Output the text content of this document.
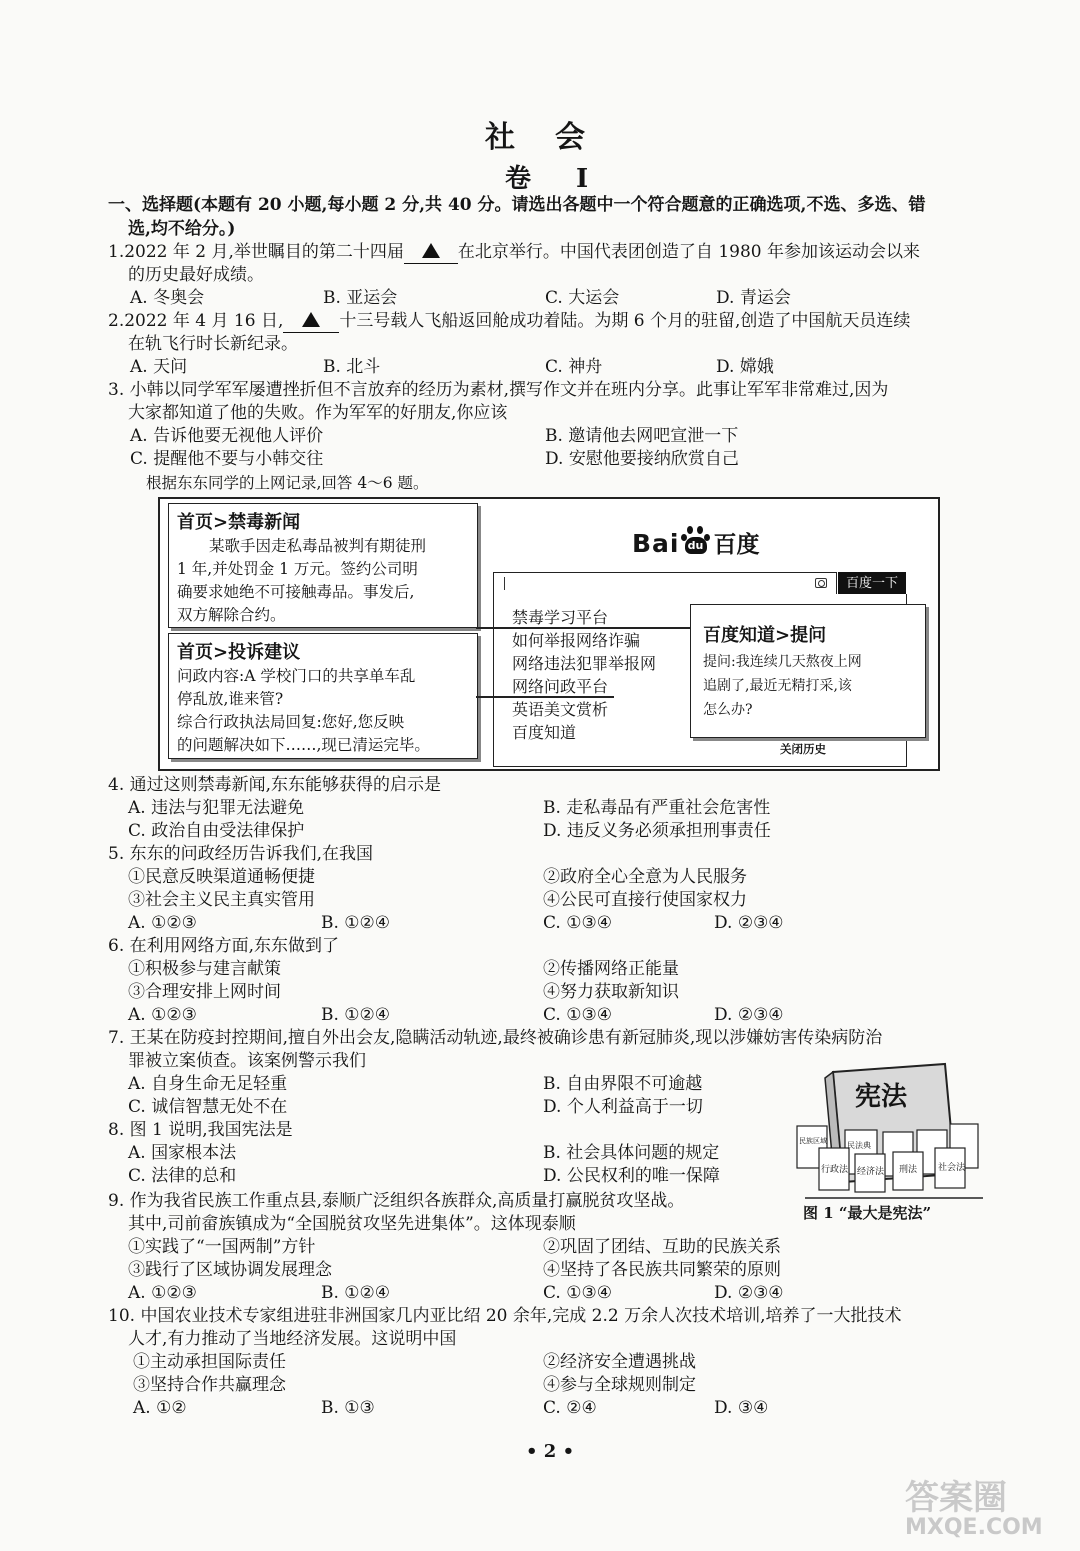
社会
卷 Ⅰ
一、选择题(本题有 20 小题,每小题 2 分,共 40 分。请选出各题中一个符合题意的正确选项,不选、多选、错
选,均不给分。)
1.2022 年 2 月,举世瞩目的第二十四届	在北京举行。中国代表团创造了自 1980 年参加该运动会以来
的历史最好成绩。
A. 冬奥会	B. 亚运会	C. 大运会	D. 青运会
2.2022 年 4 月 16 日,	十三号载人飞船返回舱成功着陆。为期 6 个月的驻留,创造了中国航天员连续
在轨飞行时长新纪录。
A. 天问	B. 北斗	C. 神舟	D. 嫦娥
3. 小韩以同学军军屡遭挫折但不言放弃的经历为素材,撰写作文并在班内分享。此事让军军非常难过,因为
大家都知道了他的失败。作为军军的好朋友,你应该
A. 告诉他要无视他人评价	B. 邀请他去网吧宣泄一下
C. 提醒他不要与小韩交往	D. 安慰他要接纳欣赏自己
根据东东同学的上网记录,回答 4～6 题。
首页>禁毒新闻
某歌手因走私毒品被判有期徒刑
1 年,并处罚金 1 万元。签约公司明
确要求她绝不可接触毒品。事发后,
双方解除合约。
首页>投诉建议
问政内容:A 学校门口的共享单车乱
停乱放,谁来管?
综合行政执法局回复:您好,您反映
的问题解决如下……,现已清运完毕。
Bai du 百度
百度一下
禁毒学习平台
如何举报网络诈骗
网络违法犯罪举报网
网络问政平台
英语美文赏析
百度知道
关闭历史
百度知道>提问
提问:我连续几天熬夜上网
追剧了,最近无精打采,该
怎么办?
4. 通过这则禁毒新闻,东东能够获得的启示是
A. 违法与犯罪无法避免	B. 走私毒品有严重社会危害性
C. 政治自由受法律保护	D. 违反义务必须承担刑事责任
5. 东东的问政经历告诉我们,在我国
①民意反映渠道通畅便捷	②政府全心全意为人民服务
③社会主义民主真实管用	④公民可直接行使国家权力
A. ①②③	B. ①②④	C. ①③④	D. ②③④
6. 在利用网络方面,东东做到了
①积极参与建言献策	②传播网络正能量
③合理安排上网时间	④努力获取新知识
A. ①②③	B. ①②④	C. ①③④	D. ②③④
7. 王某在防疫封控期间,擅自外出会友,隐瞒活动轨迹,最终被确诊患有新冠肺炎,现以涉嫌妨害传染病防治
罪被立案侦查。该案例警示我们
A. 自身生命无足轻重	B. 自由界限不可逾越
C. 诚信智慧无处不在	D. 个人利益高于一切
8. 图 1 说明,我国宪法是
A. 国家根本法	B. 社会具体问题的规定
C. 法律的总和	D. 公民权利的唯一保障
宪法
民族区域	民法典
行政法 经济法 刑法 社会法
图 1 “最大是宪法”
9. 作为我省民族工作重点县,泰顺广泛组织各族群众,高质量打赢脱贫攻坚战。
其中,司前畲族镇成为“全国脱贫攻坚先进集体”。这体现泰顺
①实践了“一国两制”方针	②巩固了团结、互助的民族关系
③践行了区域协调发展理念	④坚持了各民族共同繁荣的原则
A. ①②③	B. ①②④	C. ①③④	D. ②③④
10. 中国农业技术专家组进驻非洲国家几内亚比绍 20 余年,完成 2.2 万余人次技术培训,培养了一大批技术
人才,有力推动了当地经济发展。这说明中国
①主动承担国际责任	②经济安全遭遇挑战
③坚持合作共赢理念	④参与全球规则制定
A. ①②	B. ①③	C. ②④	D. ③④
• 2 •
答案圈
MXQE.COM
